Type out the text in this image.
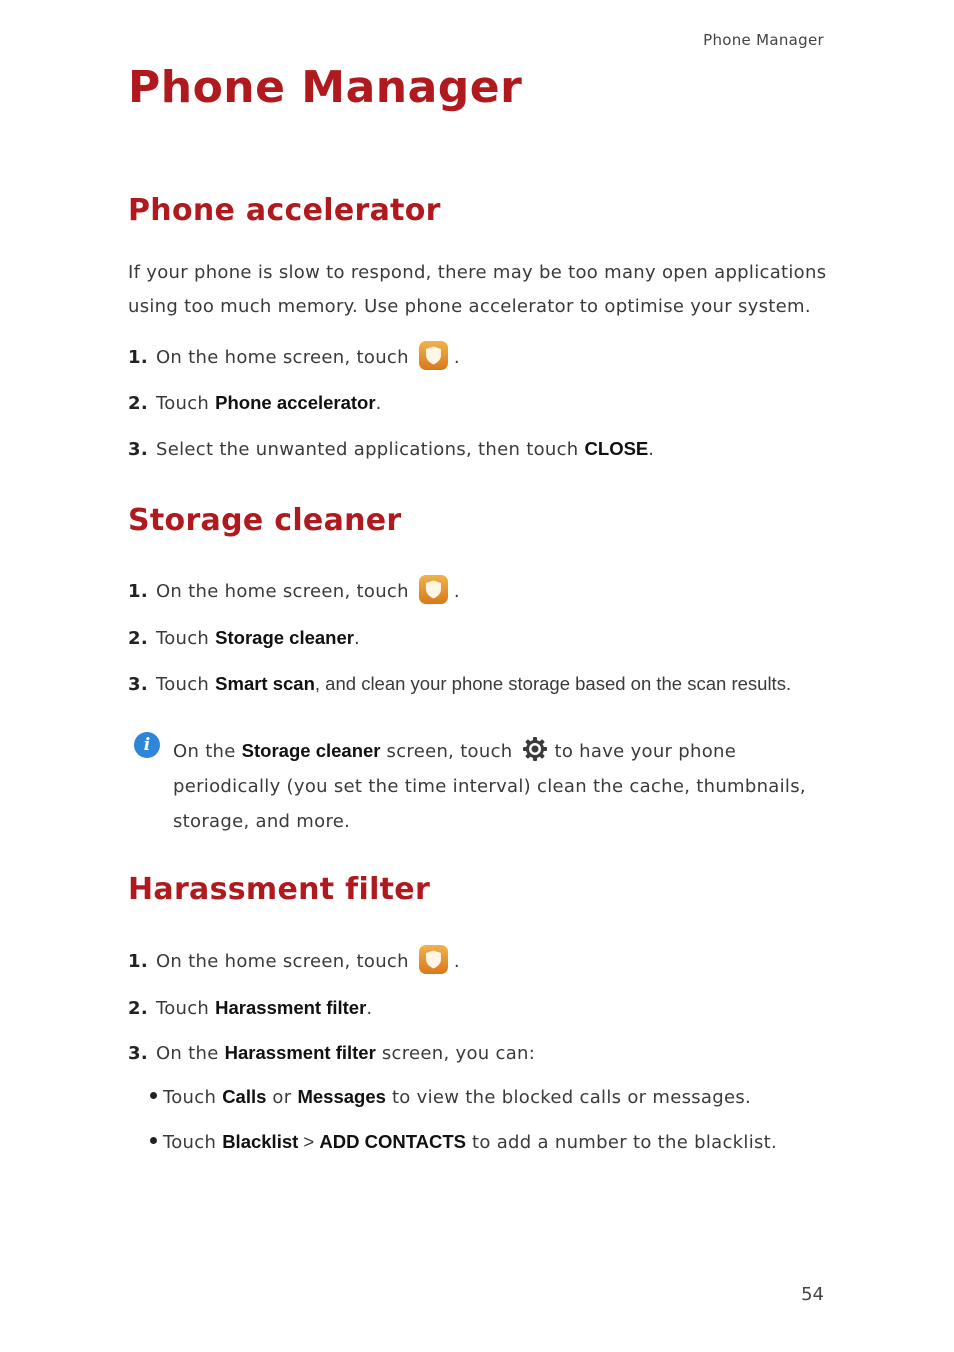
Phone Manager
Phone Manager
Phone accelerator
If your phone is slow to respond, there may be too many open applications using too much memory. Use phone accelerator to optimise your system.
1. On the home screen, touch	.
2. Touch Phone accelerator.
3. Select the unwanted applications, then touch CLOSE.
Storage cleaner
1. On the home screen, touch	.
2. Touch Storage cleaner.
3. Touch Smart scan, and clean your phone storage based on the scan results.
i	On the Storage cleaner screen, touch to have your phone periodically (you set the time interval) clean the cache, thumbnails, storage, and more.
Harassment filter
1. On the home screen, touch	.
2. Touch Harassment filter.
3. On the Harassment filter screen, you can:
Touch Calls or Messages to view the blocked calls or messages.
Touch Blacklist > ADD CONTACTS to add a number to the blacklist.
54
